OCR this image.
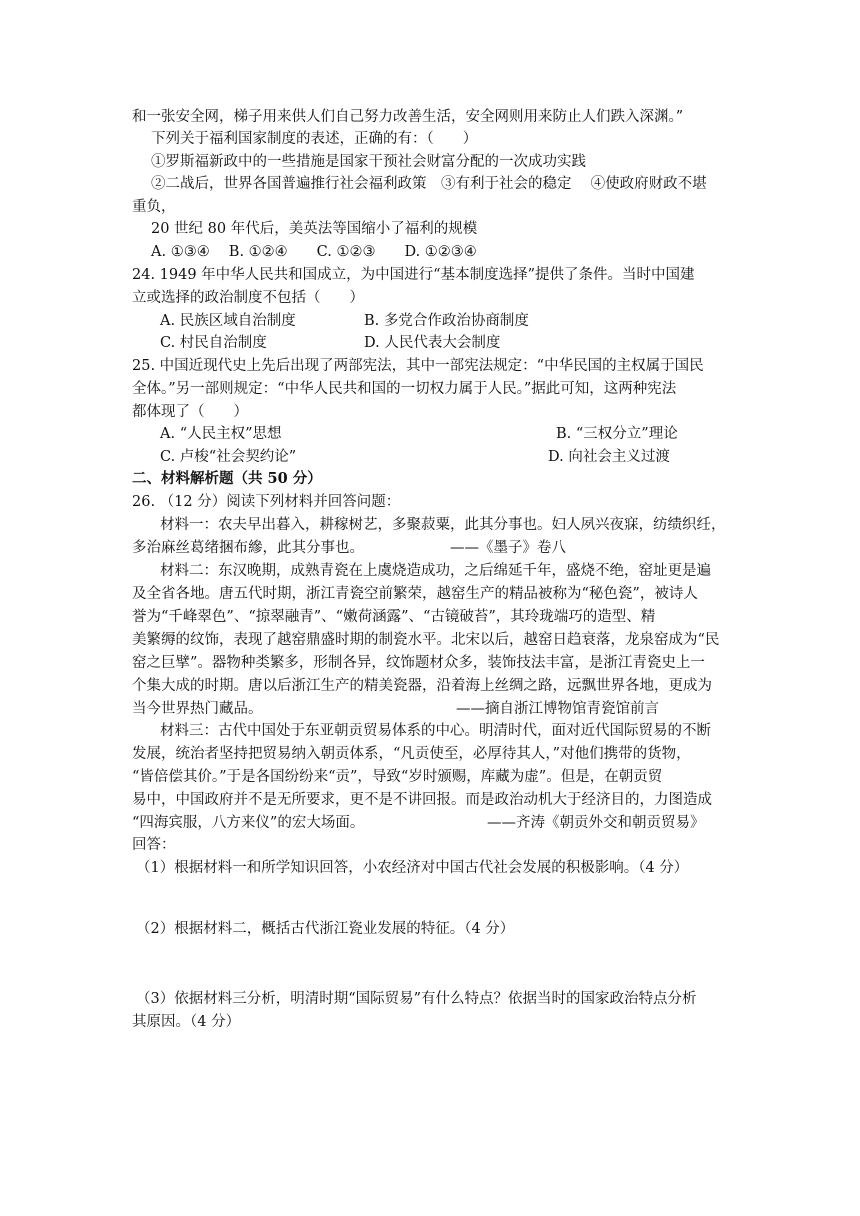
和一张安全网，梯子用来供人们自己努力改善生活，安全网则用来防止人们跌入深渊。”
下列关于福利国家制度的表述，正确的有：（　　）
①罗斯福新政中的一些措施是国家干预社会财富分配的一次成功实践
②二战后，世界各国普遍推行社会福利政策　③有利于社会的稳定　 ④使政府财政不堪
重负，
20 世纪 80 年代后，美英法等国缩小了福利的规模
A. ①③④　 B. ①②④　　C. ①②③　　D. ①②③④
24. 1949 年中华人民共和国成立，为中国进行“基本制度选择”提供了条件。当时中国建
立或选择的政治制度不包括（　　）
A. 民族区域自治制度	B. 多党合作政治协商制度
C. 村民自治制度	D. 人民代表大会制度
25. 中国近现代史上先后出现了两部宪法，其中一部宪法规定：“中华民国的主权属于国民
全体。”另一部则规定：“中华人民共和国的一切权力属于人民。”据此可知，这两种宪法
都体现了（　　）
A. “人民主权”思想	B. “三权分立”理论
C. 卢梭“社会契约论”	D. 向社会主义过渡
二、材料解析题（共 50 分）
26. （12 分）阅读下列材料并回答问题：
材料一：农夫早出暮入，耕稼树艺，多聚菽粟，此其分事也。妇人夙兴夜寐，纺绩织纴，
多治麻丝葛绪捆布縿，此其分事也。	——《墨子》卷八
材料二：东汉晚期，成熟青瓷在上虞烧造成功，之后绵延千年，盛烧不绝，窑址更是遍
及全省各地。唐五代时期，浙江青瓷空前繁荣，越窑生产的精品被称为“秘色瓷”，被诗人
誉为“千峰翠色”、“掠翠融青”、“嫩荷涵露”、“古镜破苔”，其玲珑端巧的造型、精
美繁缛的纹饰，表现了越窑鼎盛时期的制瓷水平。北宋以后，越窑日趋衰落，龙泉窑成为“民
窑之巨擘”。器物种类繁多，形制各异，纹饰题材众多，装饰技法丰富，是浙江青瓷史上一
个集大成的时期。唐以后浙江生产的精美瓷器，沿着海上丝绸之路，远飘世界各地，更成为
当今世界热门藏品。	——摘自浙江博物馆青瓷馆前言
材料三：古代中国处于东亚朝贡贸易体系的中心。明清时代，面对近代国际贸易的不断
发展，统治者坚持把贸易纳入朝贡体系，“凡贡使至，必厚待其人，”对他们携带的货物，
“皆倍偿其价。”于是各国纷纷来“贡”，导致“岁时颁赐，库藏为虚”。但是，在朝贡贸
易中，中国政府并不是无所要求，更不是不讲回报。而是政治动机大于经济目的，力图造成
“四海宾服，八方来仪”的宏大场面。	——齐涛《朝贡外交和朝贡贸易》
回答：
（1）根据材料一和所学知识回答，小农经济对中国古代社会发展的积极影响。（4 分）
（2）根据材料二，概括古代浙江瓷业发展的特征。（4 分）
（3）依据材料三分析，明清时期“国际贸易”有什么特点？依据当时的国家政治特点分析
其原因。（4 分）
